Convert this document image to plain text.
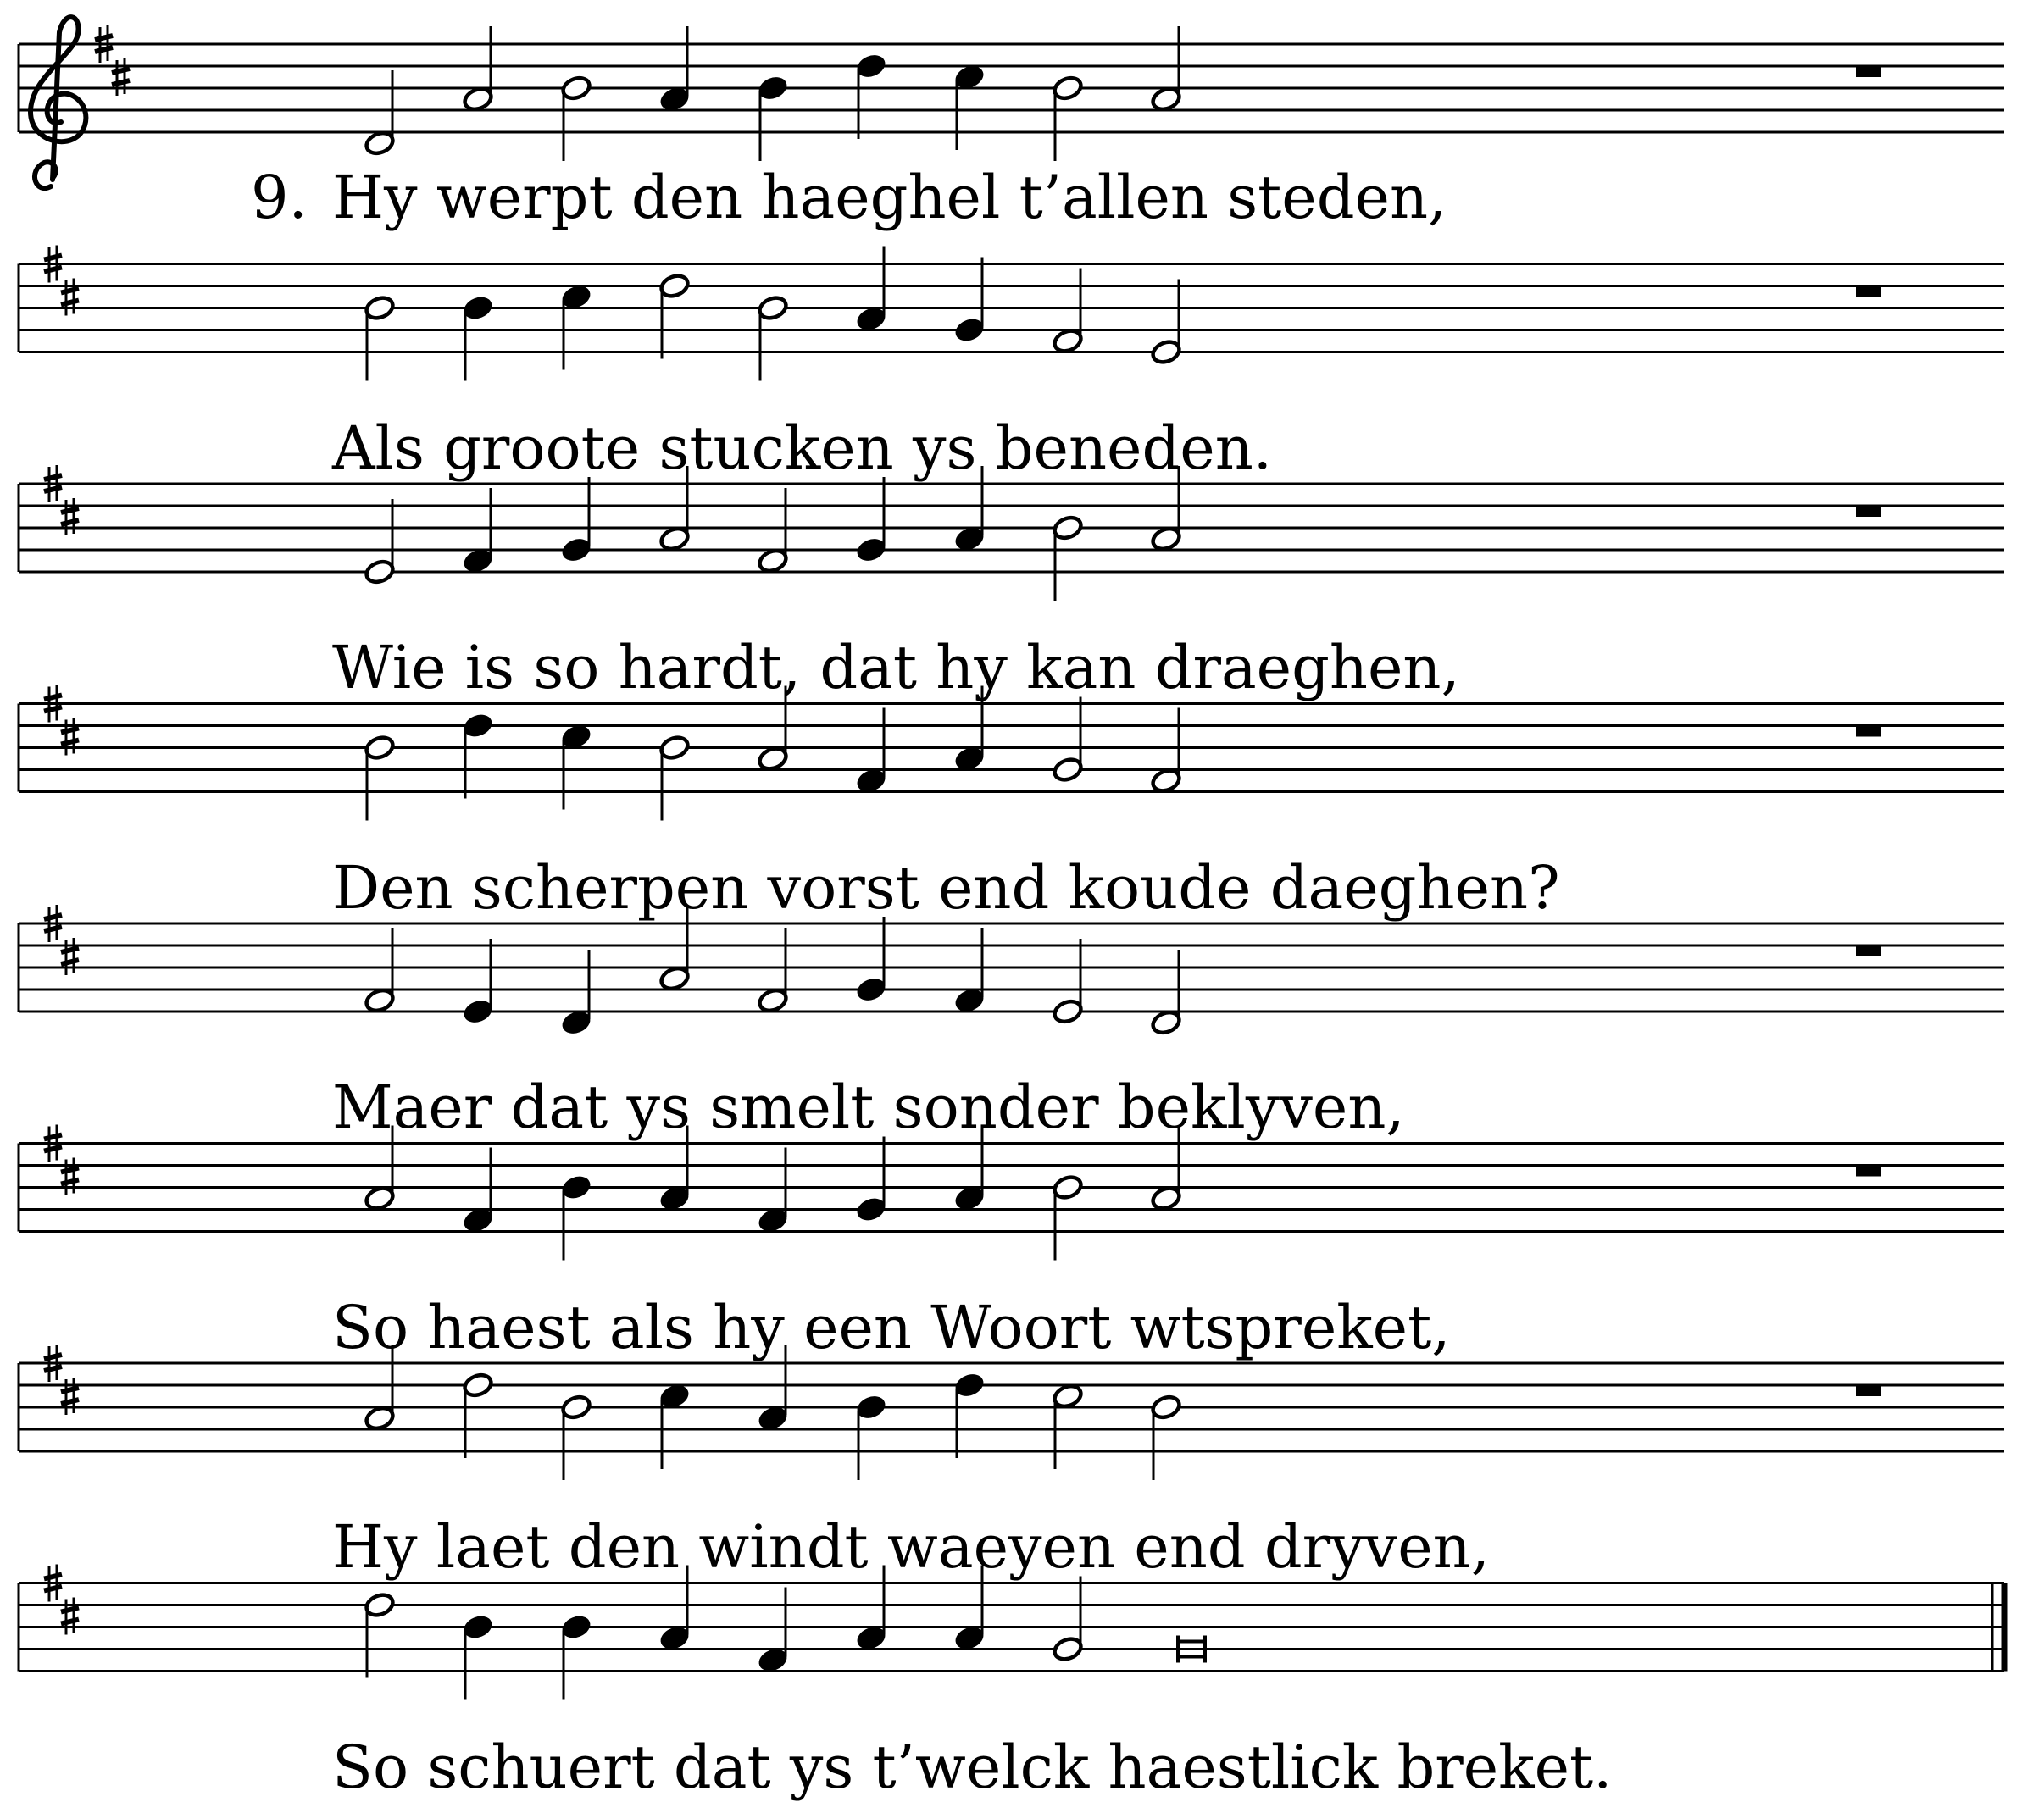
Hy werpt den haeghel t’allen steden,
9.
Als groote stucken ys beneden.
Wie is so hardt, dat hy kan draeghen,
Den scherpen vorst end koude daeghen?
Maer dat ys smelt sonder beklyven,
So haest als hy een Woort wtspreket,
Hy laet den windt waeyen end dryven,
So schuert dat ys t’welck haestlick breket.
